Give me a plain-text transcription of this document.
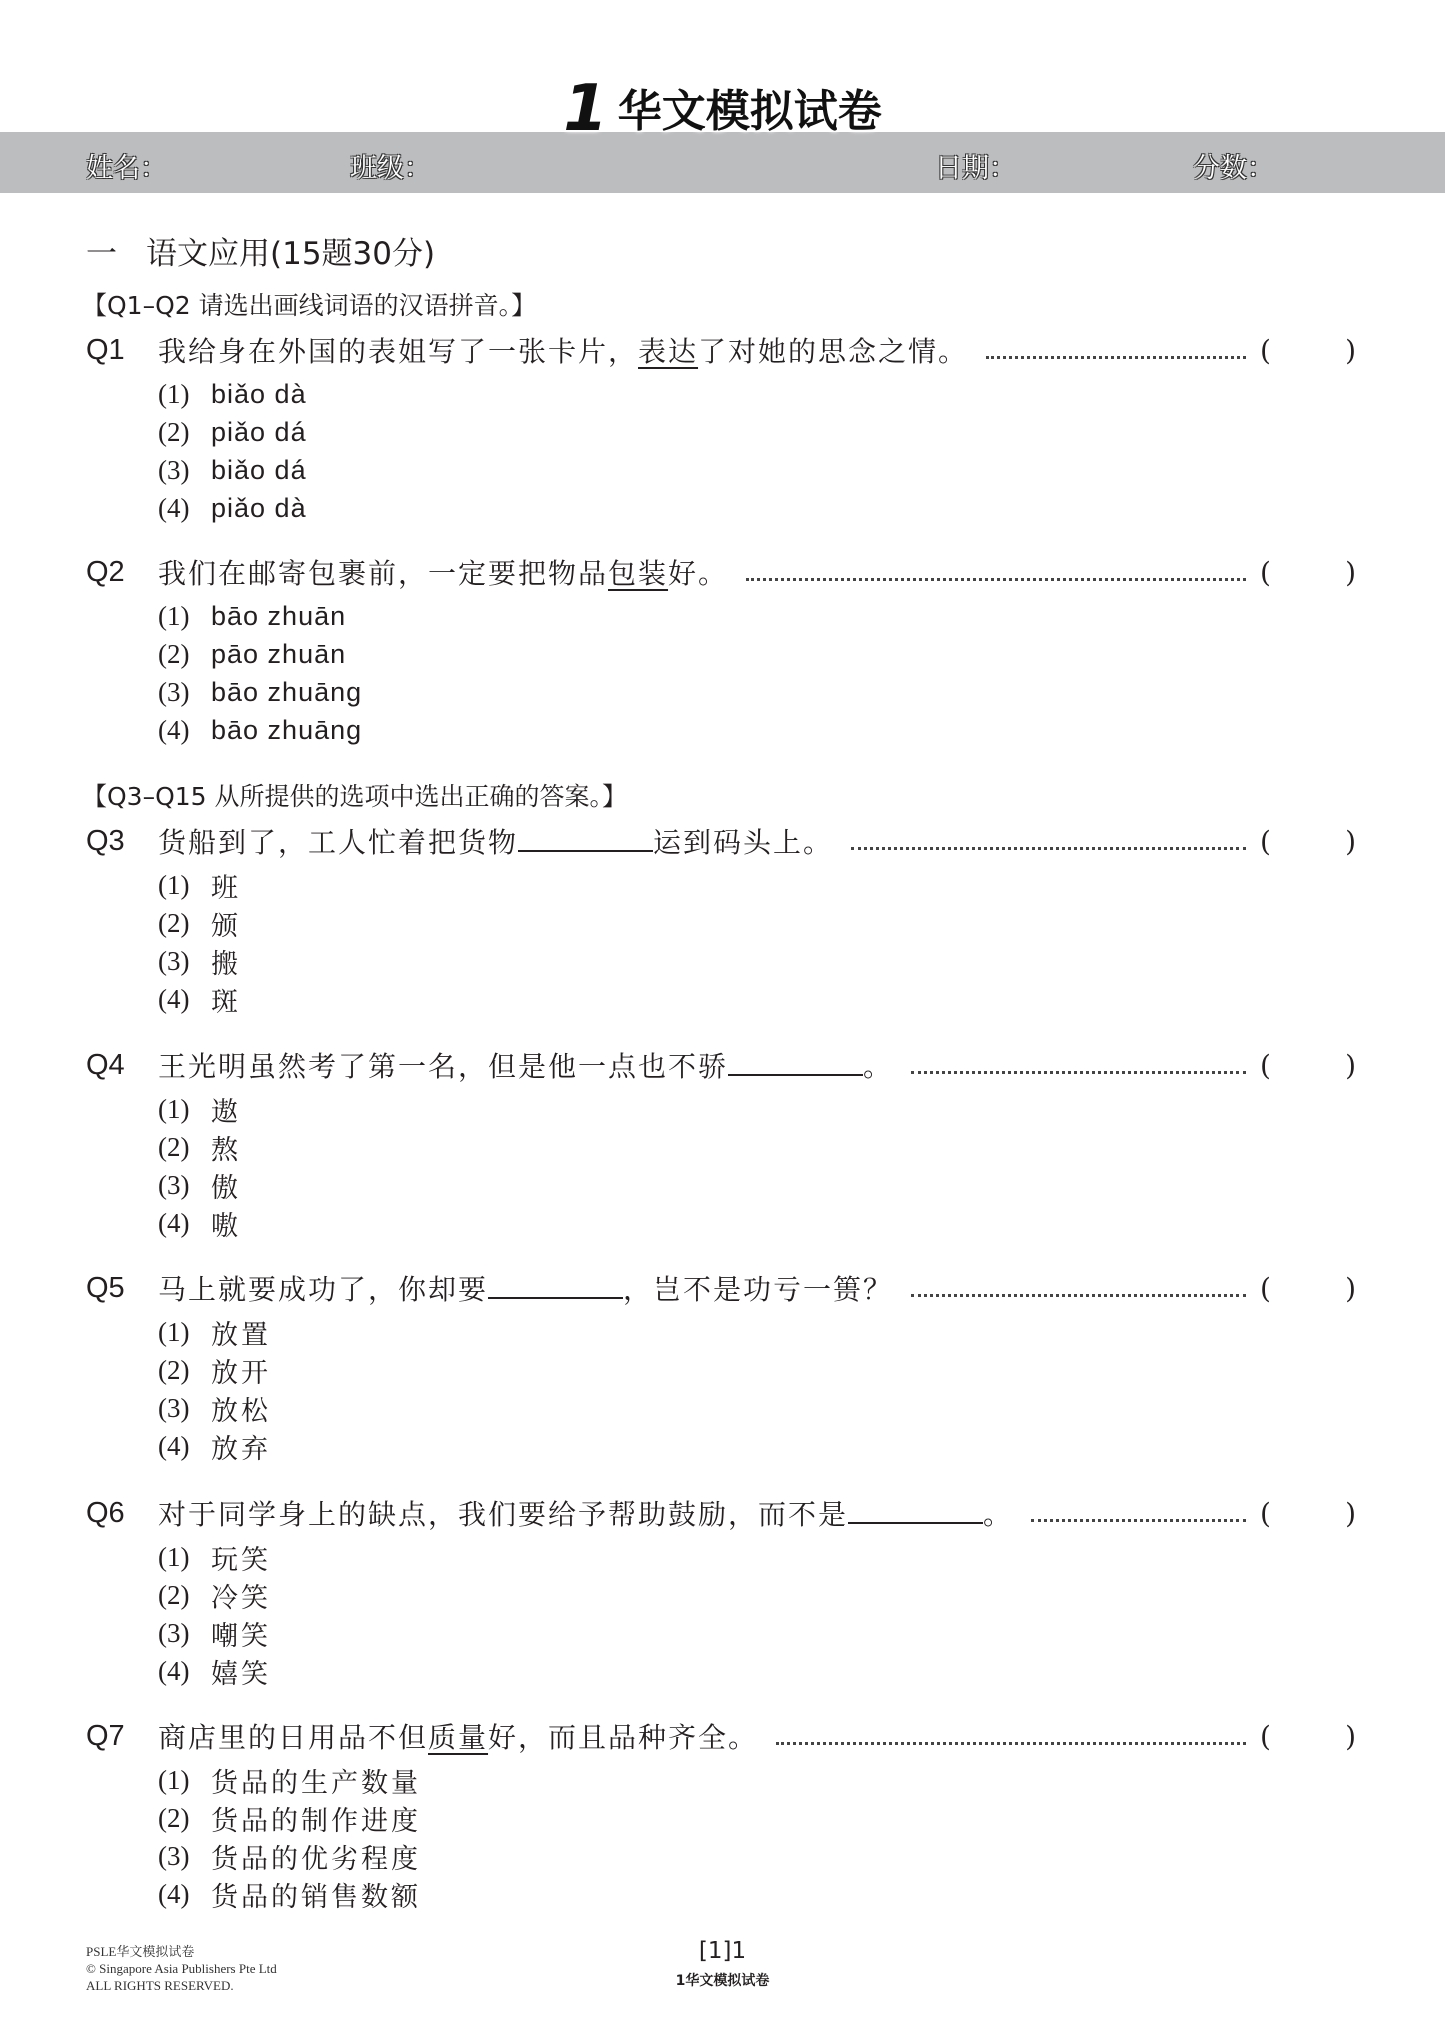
1 华文模拟试卷
姓名：	班级：	日期：	分数：
一 语文应用(15题30分)
【Q1–Q2 请选出画线词语的汉语拼音。】
【Q3–Q15 从所提供的选项中选出正确的答案。】
Q1	我给身在外国的表姐写了一张卡片，表达了对她的思念之情。	(	)
(1) biǎo dà
(2) piǎo dá
(3) biǎo dá
(4) piǎo dà
Q2	我们在邮寄包裹前，一定要把物品包装好。	(	)
(1) bāo zhuān
(2) pāo zhuān
(3) bāo zhuāng
(4) bāo zhuāng
Q3	货船到了，工人忙着把货物	运到码头上。	(	)
(1) 班
(2) 颁
(3) 搬
(4) 斑
Q4	王光明虽然考了第一名，但是他一点也不骄	。	(	)
(1) 遨
(2) 熬
(3) 傲
(4) 嗷
Q5	马上就要成功了，你却要	，岂不是功亏一篑？	(	)
(1) 放置
(2) 放开
(3) 放松
(4) 放弃
Q6	对于同学身上的缺点，我们要给予帮助鼓励，而不是	。	(	)
(1) 玩笑
(2) 冷笑
(3) 嘲笑
(4) 嬉笑
Q7	商店里的日用品不但质量好，而且品种齐全。	(	)
(1) 货品的生产数量
(2) 货品的制作进度
(3) 货品的优劣程度
(4) 货品的销售数额
PSLE华文模拟试卷
© Singapore Asia Publishers Pte Ltd
ALL RIGHTS RESERVED.
[1]1
1华文模拟试卷
